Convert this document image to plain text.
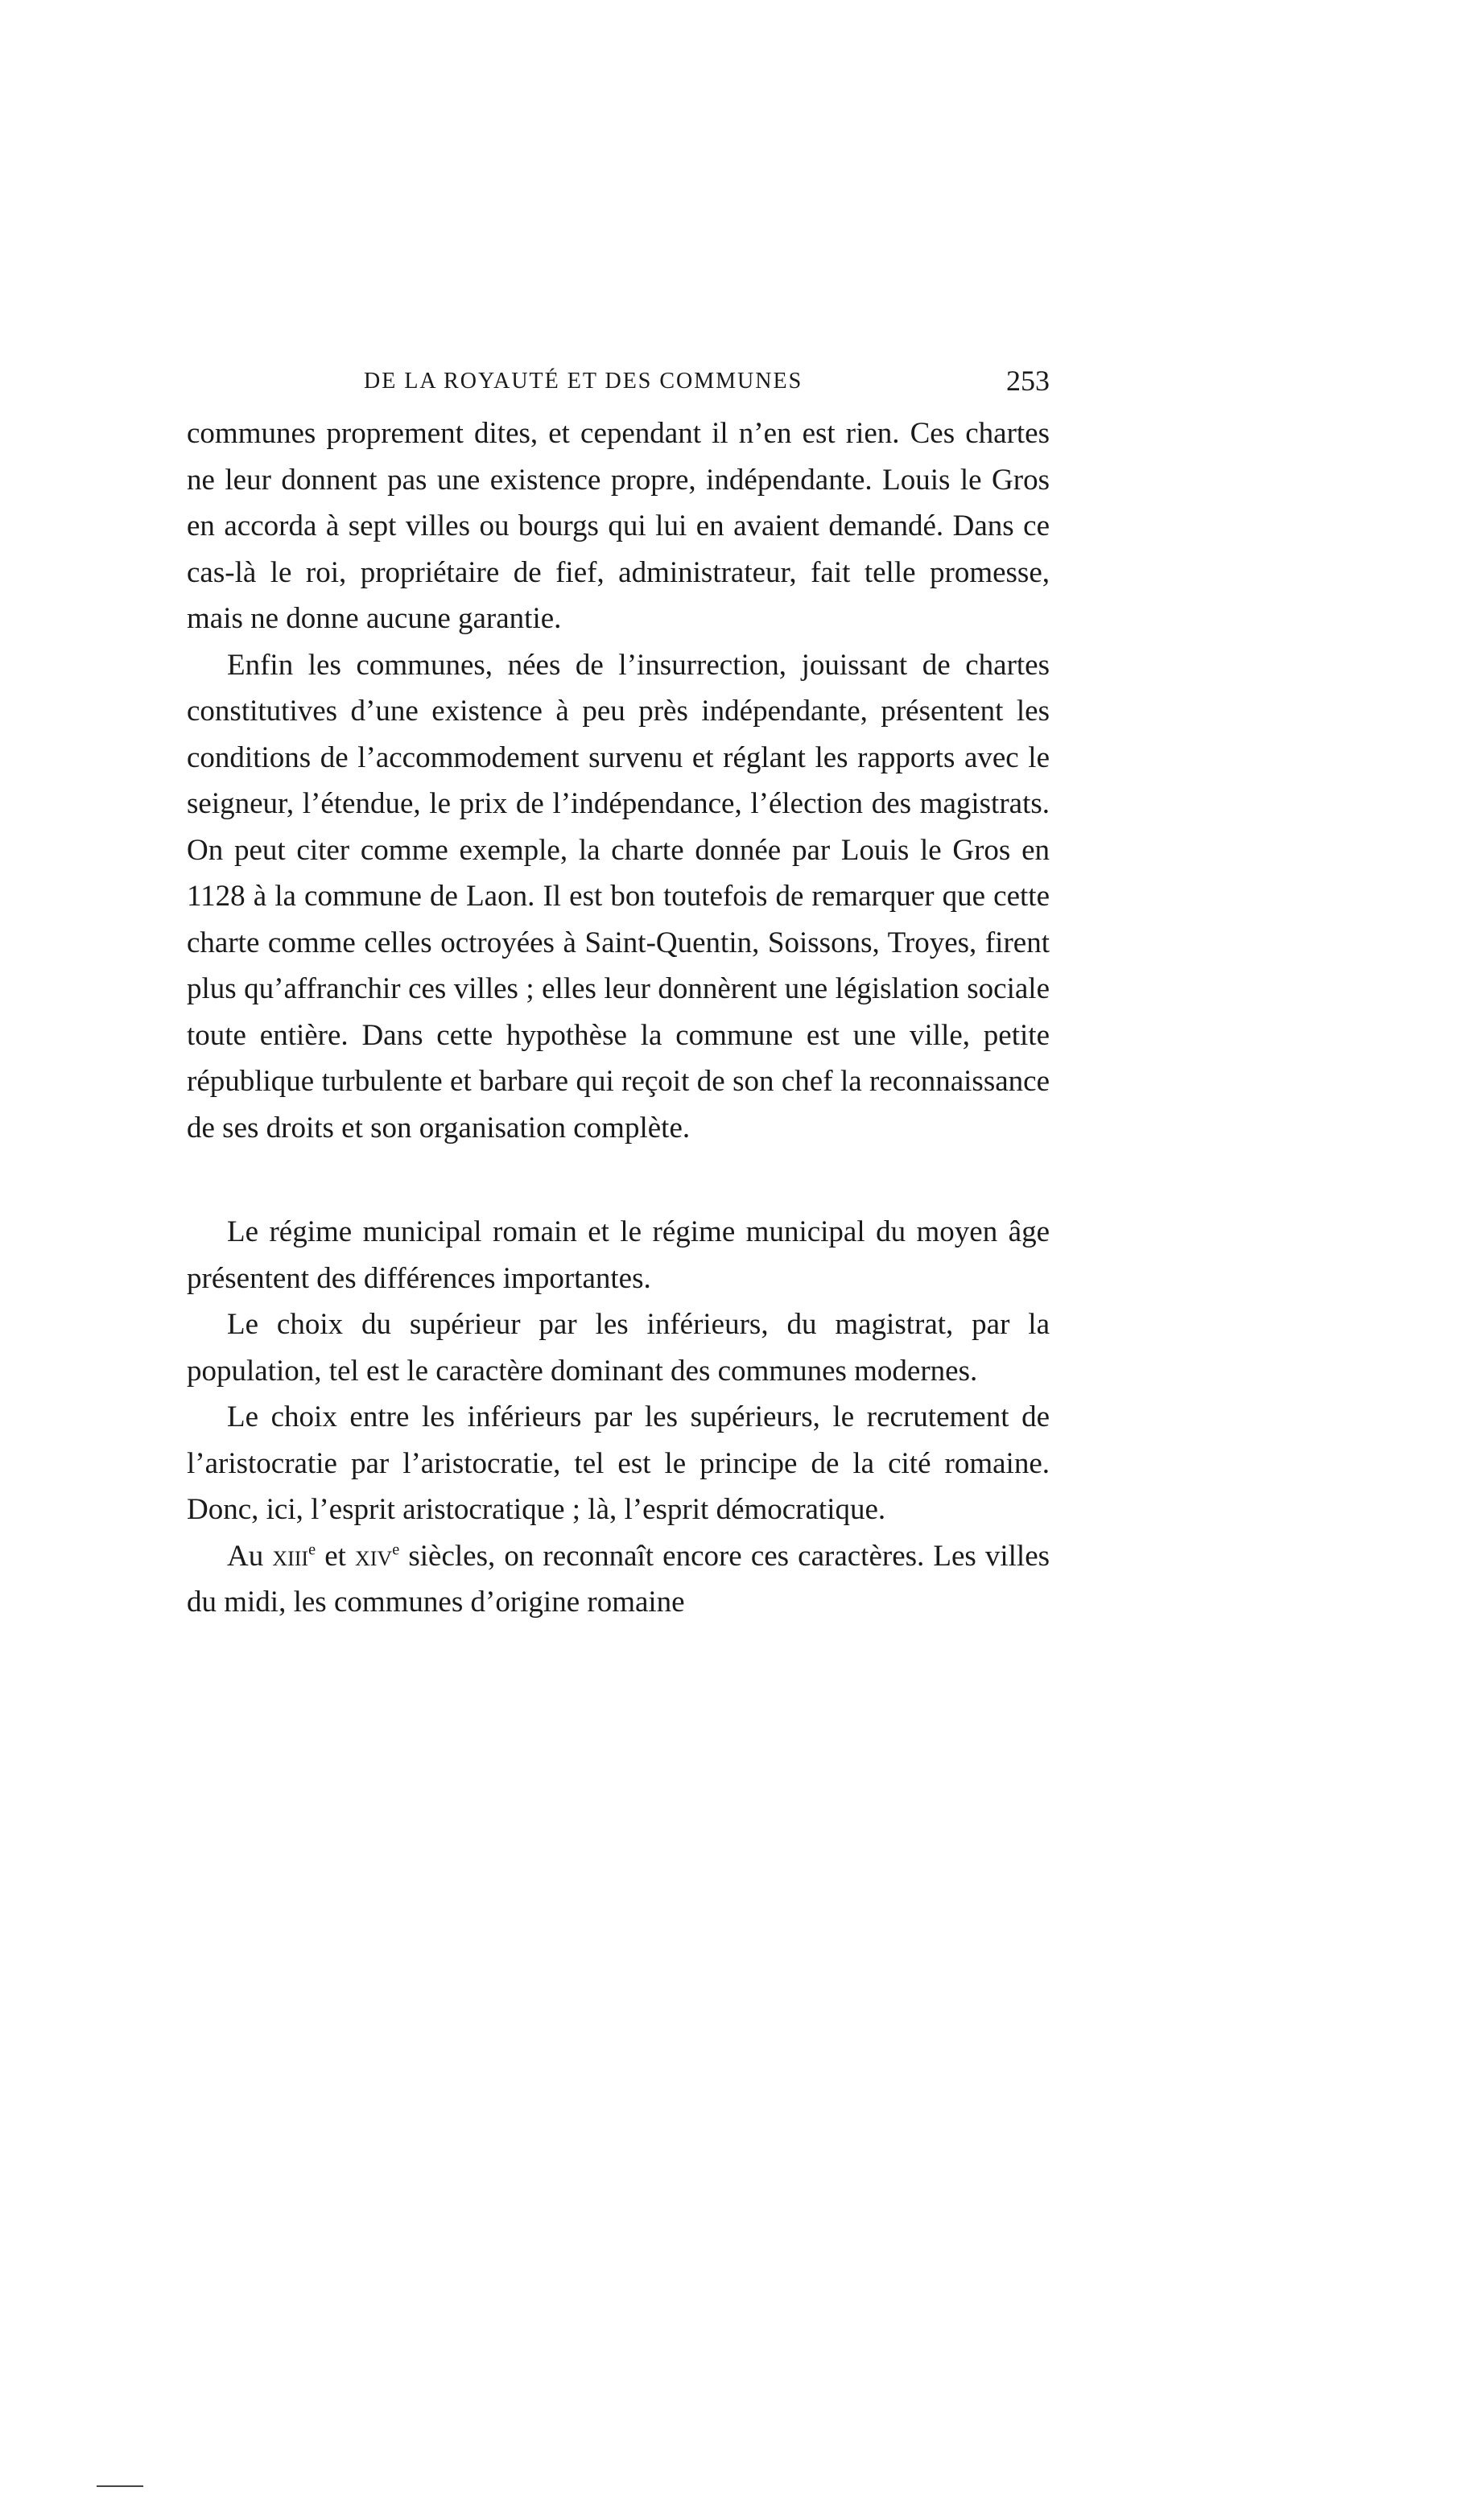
DE LA ROYAUTÉ ET DES COMMUNES	253

communes proprement dites, et cependant il n’en est rien. Ces chartes ne leur donnent pas une existence propre, indépendante. Louis le Gros en accorda à sept villes ou bourgs qui lui en avaient demandé. Dans ce cas-là le roi, propriétaire de fief, administrateur, fait telle promesse, mais ne donne aucune garantie.

Enfin les communes, nées de l’insurrection, jouissant de chartes constitutives d’une existence à peu près indépendante, présentent les conditions de l’accommodement survenu et réglant les rapports avec le seigneur, l’étendue, le prix de l’indépendance, l’élection des magistrats. On peut citer comme exemple, la charte donnée par Louis le Gros en 1128 à la commune de Laon. Il est bon toutefois de remarquer que cette charte comme celles octroyées à Saint-Quentin, Soissons, Troyes, firent plus qu’affranchir ces villes ; elles leur donnèrent une législation sociale toute entière. Dans cette hypothèse la commune est une ville, petite république turbulente et barbare qui reçoit de son chef la reconnaissance de ses droits et son organisation complète.

Le régime municipal romain et le régime municipal du moyen âge présentent des différences importantes.

Le choix du supérieur par les inférieurs, du magistrat, par la population, tel est le caractère dominant des communes modernes.

Le choix entre les inférieurs par les supérieurs, le recrutement de l’aristocratie par l’aristocratie, tel est le principe de la cité romaine. Donc, ici, l’esprit aristocratique ; là, l’esprit démocratique.

Au xiii$^e$ et xiv$^e$ siècles, on reconnaît encore ces caractères. Les villes du midi, les communes d’origine romaine
